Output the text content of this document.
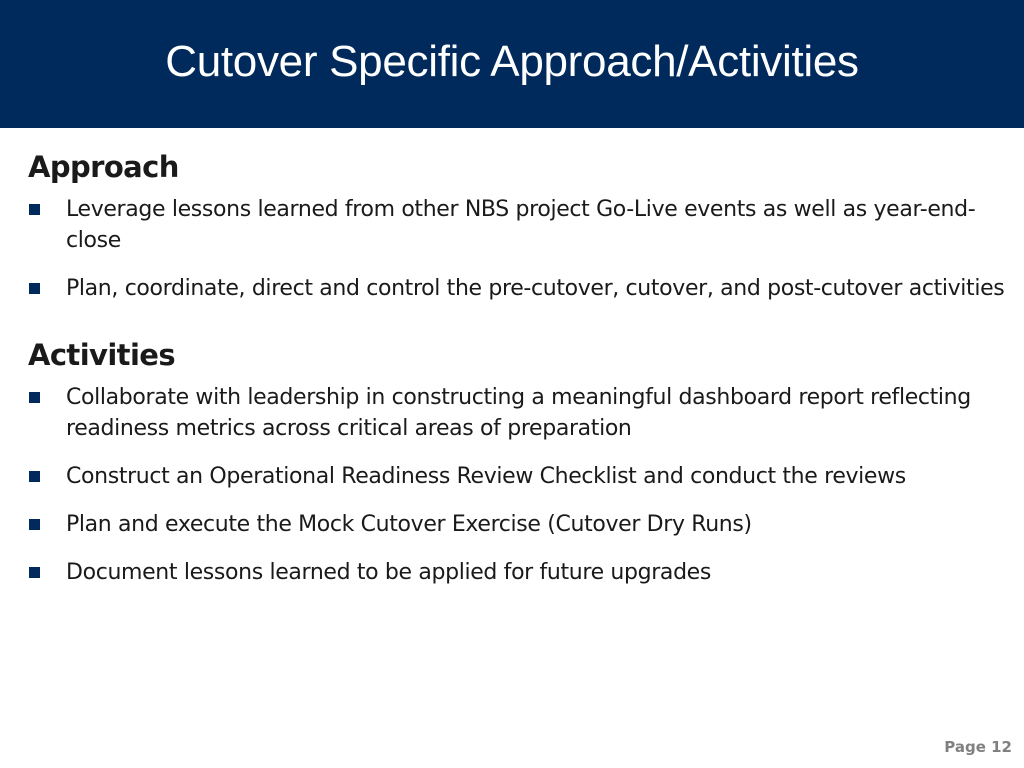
Cutover Specific Approach/Activities
Approach
Leverage lessons learned from other NBS project Go-Live events as well as year-end-close
Plan, coordinate, direct and control the pre-cutover, cutover, and post-cutover activities
Activities
Collaborate with leadership in constructing a meaningful dashboard report reflecting readiness metrics across critical areas of preparation
Construct an Operational Readiness Review Checklist and conduct the reviews
Plan and execute the Mock Cutover Exercise (Cutover Dry Runs)
Document lessons learned to be applied for future upgrades
Page 12
